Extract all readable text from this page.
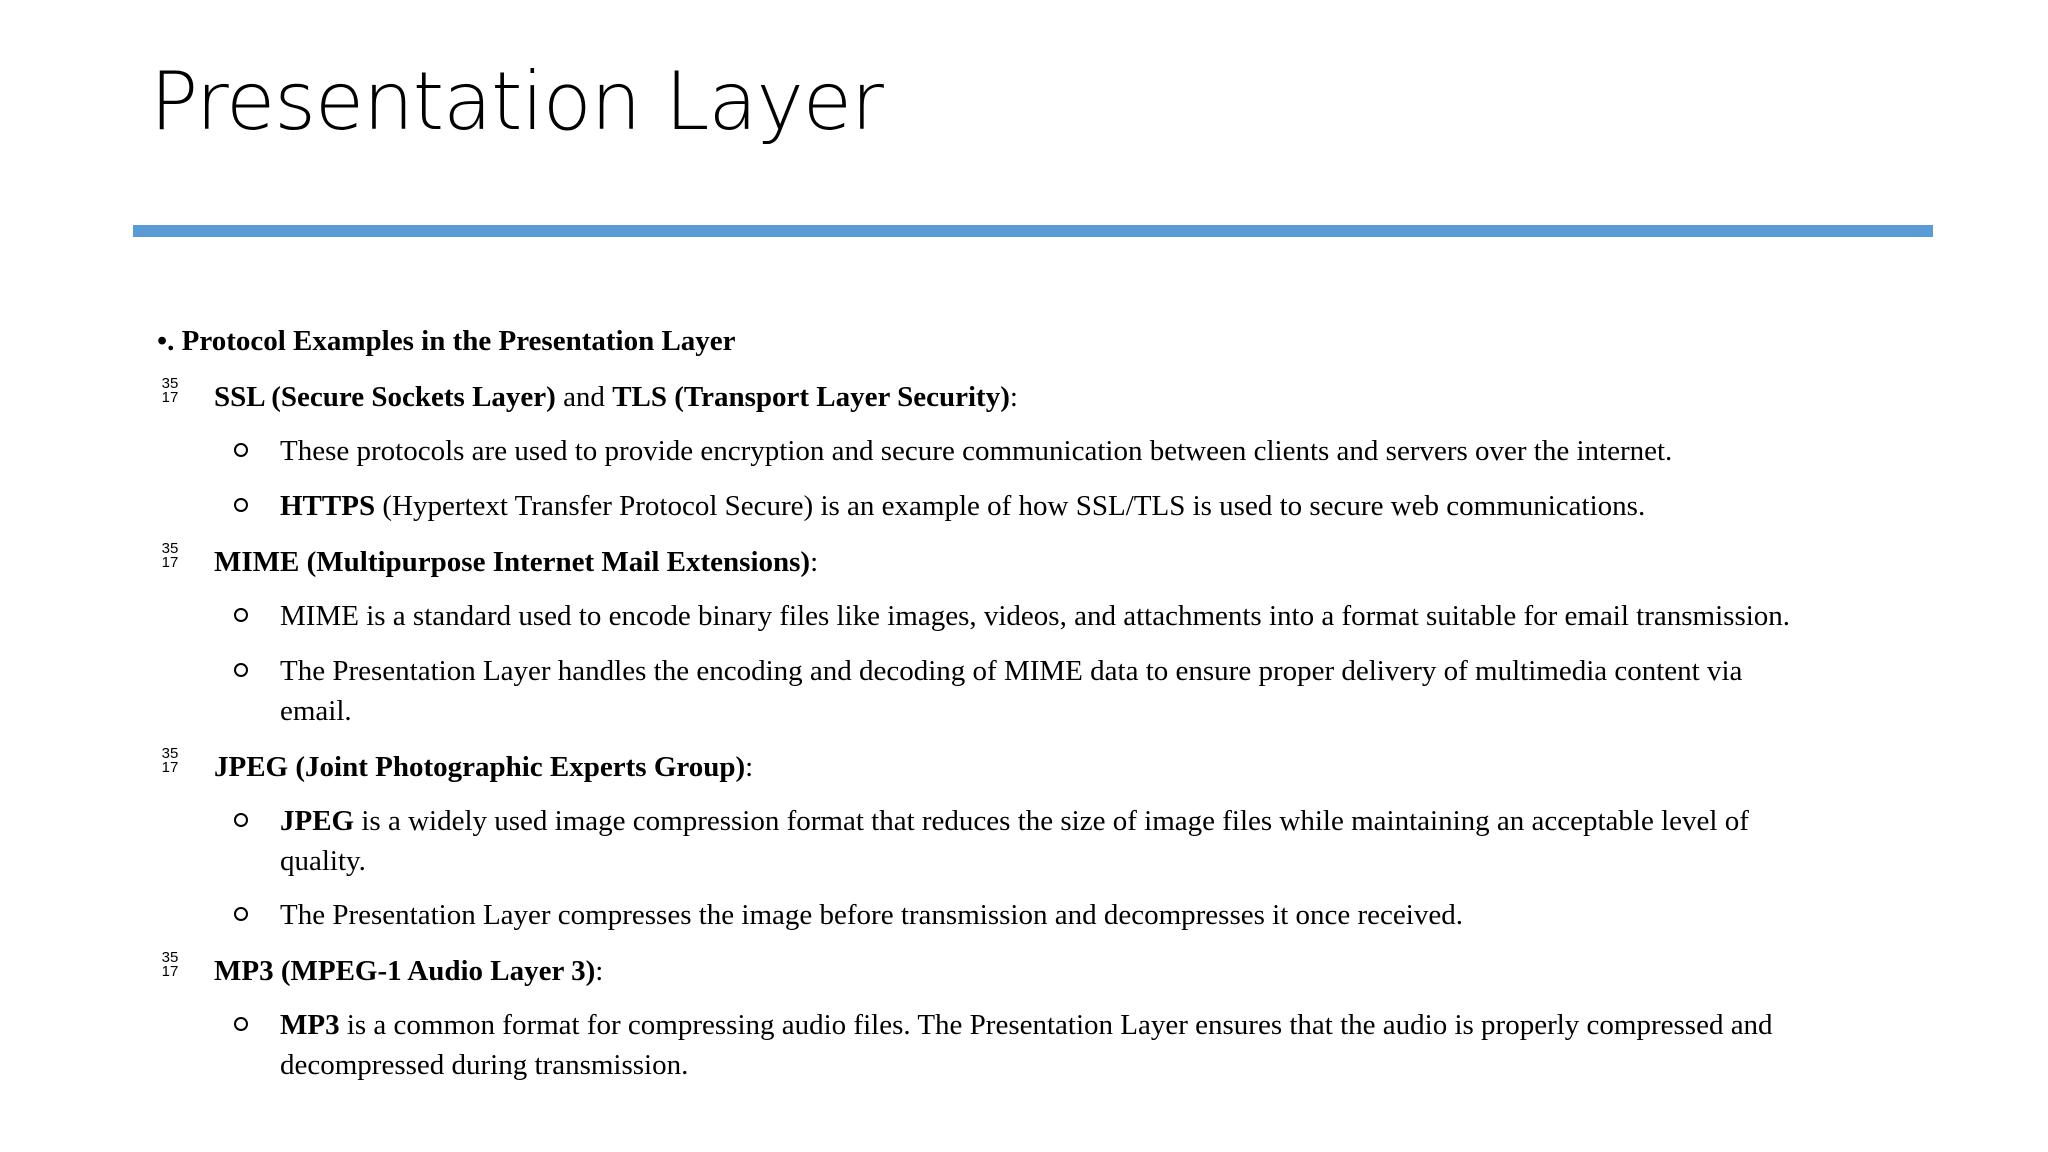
Presentation Layer
•. Protocol Examples in the Presentation Layer
35
17 SSL (Secure Sockets Layer) and TLS (Transport Layer Security):
These protocols are used to provide encryption and secure communication between clients and servers over the internet.
HTTPS (Hypertext Transfer Protocol Secure) is an example of how SSL/TLS is used to secure web communications.
35
17 MIME (Multipurpose Internet Mail Extensions):
MIME is a standard used to encode binary files like images, videos, and attachments into a format suitable for email transmission.
The Presentation Layer handles the encoding and decoding of MIME data to ensure proper delivery of multimedia content via
email.
35
17 JPEG (Joint Photographic Experts Group):
JPEG is a widely used image compression format that reduces the size of image files while maintaining an acceptable level of
quality.
The Presentation Layer compresses the image before transmission and decompresses it once received.
35
17 MP3 (MPEG-1 Audio Layer 3):
MP3 is a common format for compressing audio files. The Presentation Layer ensures that the audio is properly compressed and
decompressed during transmission.
